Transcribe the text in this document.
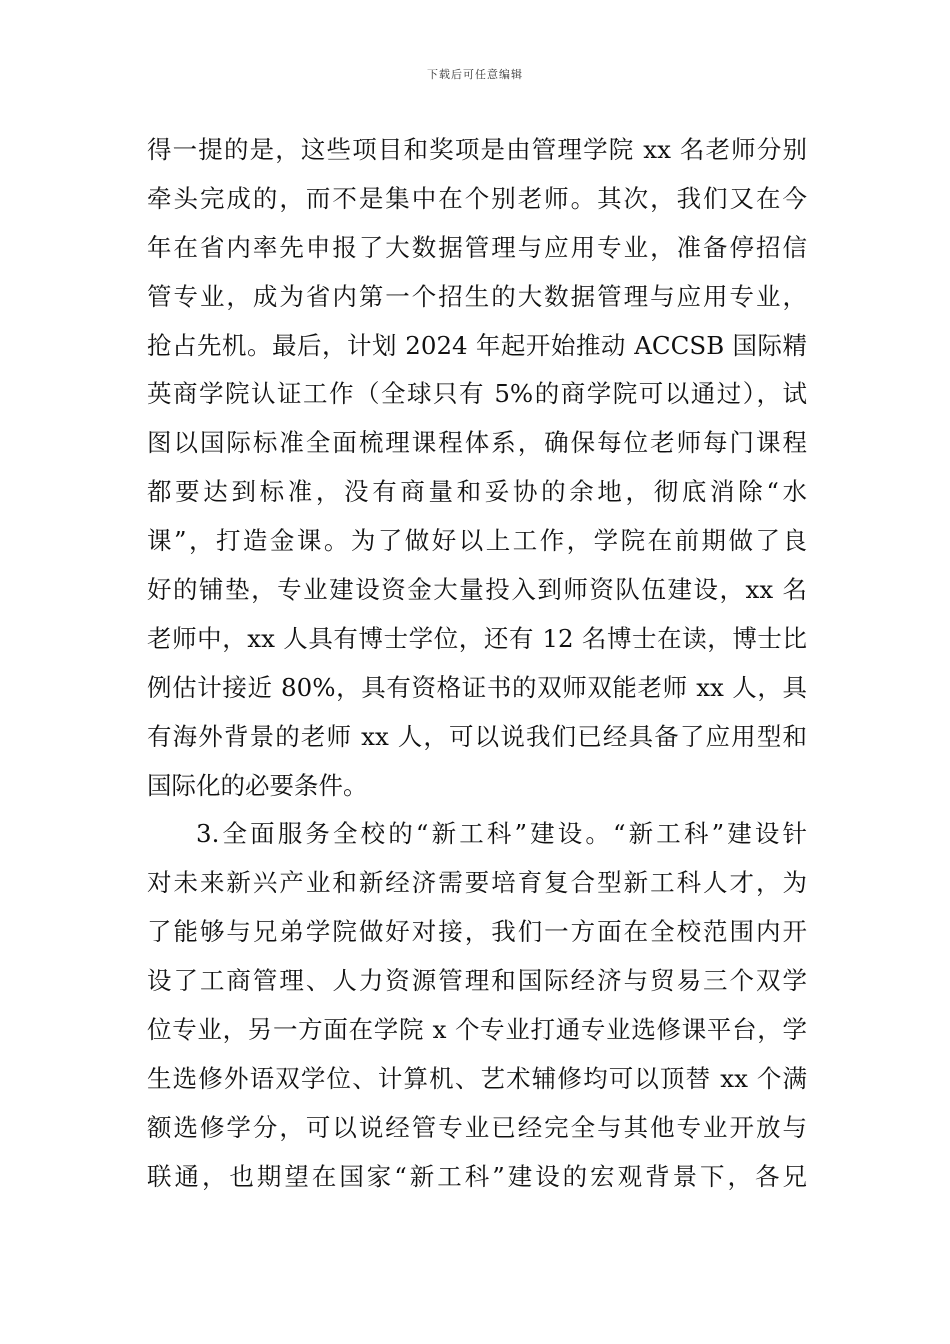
下载后可任意编辑
得一提的是，这些项目和奖项是由管理学院 xx 名老师分别
牵头完成的，而不是集中在个别老师。其次，我们又在今
年在省内率先申报了大数据管理与应用专业，准备停招信
管专业，成为省内第一个招生的大数据管理与应用专业，
抢占先机。最后，计划 2024 年起开始推动 ACCSB 国际精
英商学院认证工作（全球只有 5%的商学院可以通过），试
图以国际标准全面梳理课程体系，确保每位老师每门课程
都要达到标准，没有商量和妥协的余地，彻底消除“水
课”，打造金课。为了做好以上工作，学院在前期做了良
好的铺垫，专业建设资金大量投入到师资队伍建设，xx 名
老师中，xx 人具有博士学位，还有 12 名博士在读，博士比
例估计接近 80%，具有资格证书的双师双能老师 xx 人，具
有海外背景的老师 xx 人，可以说我们已经具备了应用型和
国际化的必要条件。
3.全面服务全校的“新工科”建设。“新工科”建设针
对未来新兴产业和新经济需要培育复合型新工科人才，为
了能够与兄弟学院做好对接，我们一方面在全校范围内开
设了工商管理、人力资源管理和国际经济与贸易三个双学
位专业，另一方面在学院 x 个专业打通专业选修课平台，学
生选修外语双学位、计算机、艺术辅修均可以顶替 xx 个满
额选修学分，可以说经管专业已经完全与其他专业开放与
联通，也期望在国家“新工科”建设的宏观背景下，各兄
